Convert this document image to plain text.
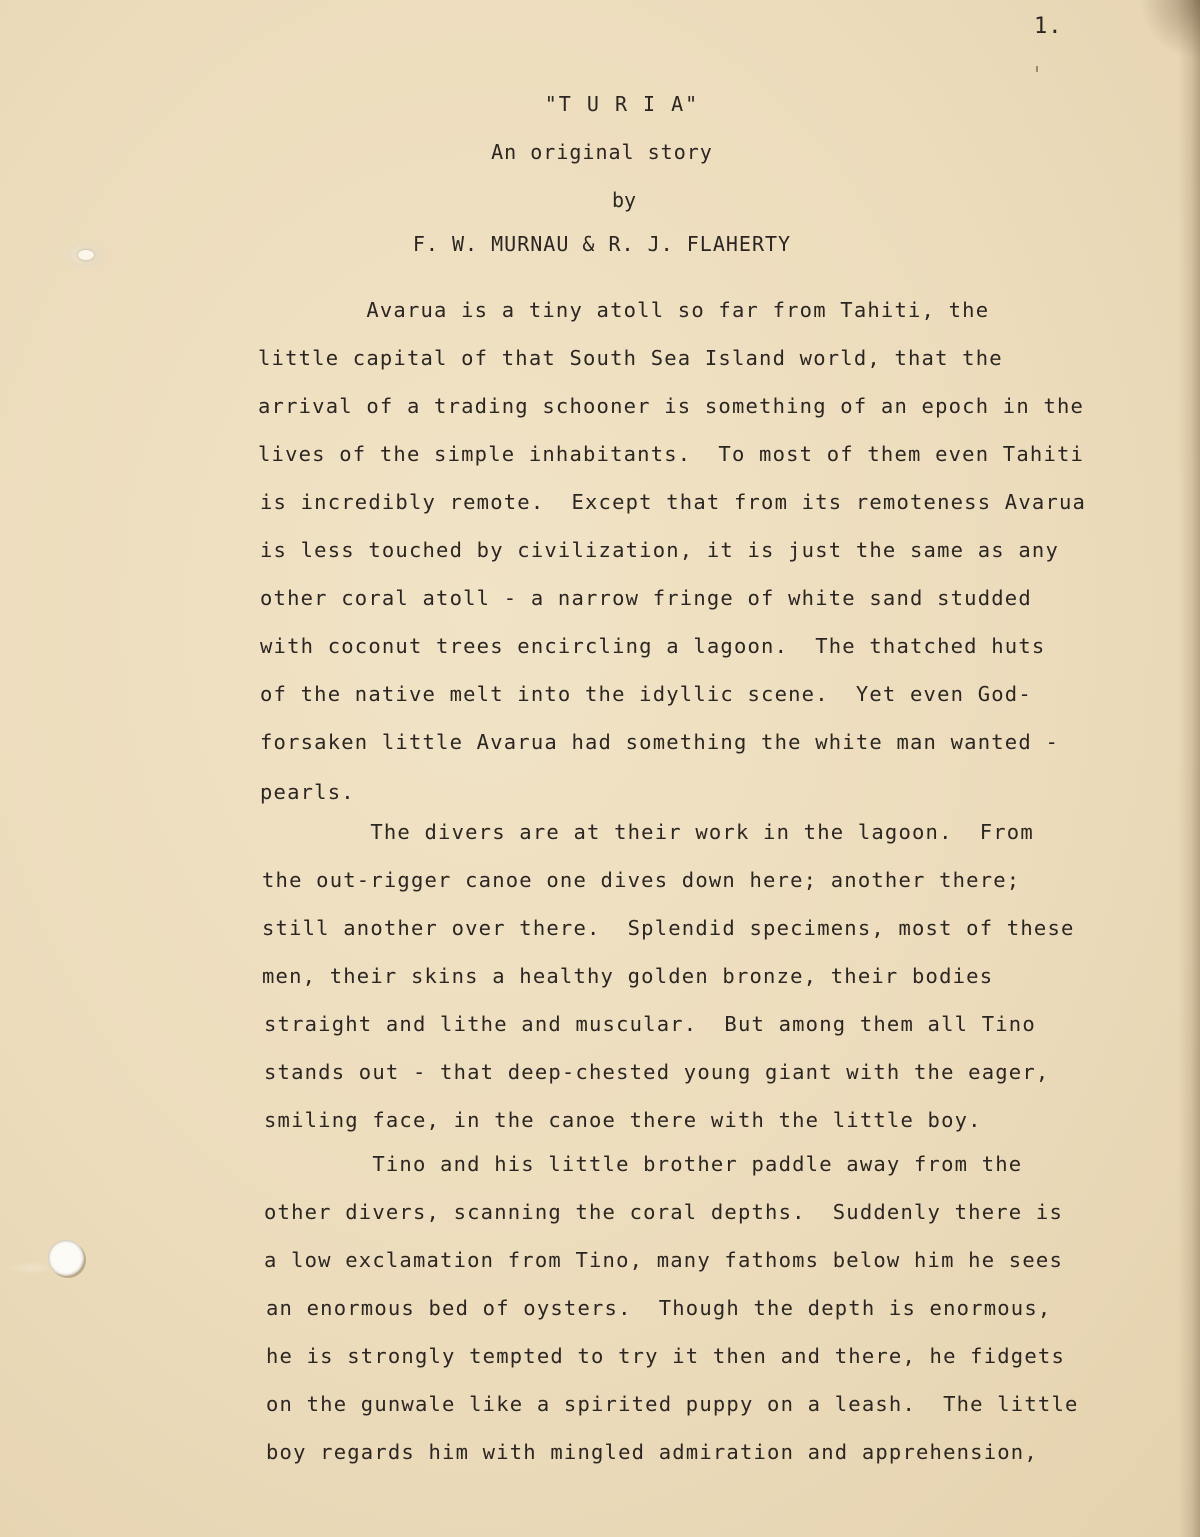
1.
"T U R I A"
An original story
by
F. W. MURNAU & R. J. FLAHERTY
Avarua is a tiny atoll so far from Tahiti, the
little capital of that South Sea Island world, that the
arrival of a trading schooner is something of an epoch in the
lives of the simple inhabitants.  To most of them even Tahiti
is incredibly remote.  Except that from its remoteness Avarua
is less touched by civilization, it is just the same as any
other coral atoll - a narrow fringe of white sand studded
with coconut trees encircling a lagoon.  The thatched huts
of the native melt into the idyllic scene.  Yet even God-
forsaken little Avarua had something the white man wanted -
pearls.
The divers are at their work in the lagoon.  From
the out-rigger canoe one dives down here; another there;
still another over there.  Splendid specimens, most of these
men, their skins a healthy golden bronze, their bodies
straight and lithe and muscular.  But among them all Tino
stands out - that deep-chested young giant with the eager,
smiling face, in the canoe there with the little boy.
Tino and his little brother paddle away from the
other divers, scanning the coral depths.  Suddenly there is
a low exclamation from Tino, many fathoms below him he sees
an enormous bed of oysters.  Though the depth is enormous,
he is strongly tempted to try it then and there, he fidgets
on the gunwale like a spirited puppy on a leash.  The little
boy regards him with mingled admiration and apprehension,
